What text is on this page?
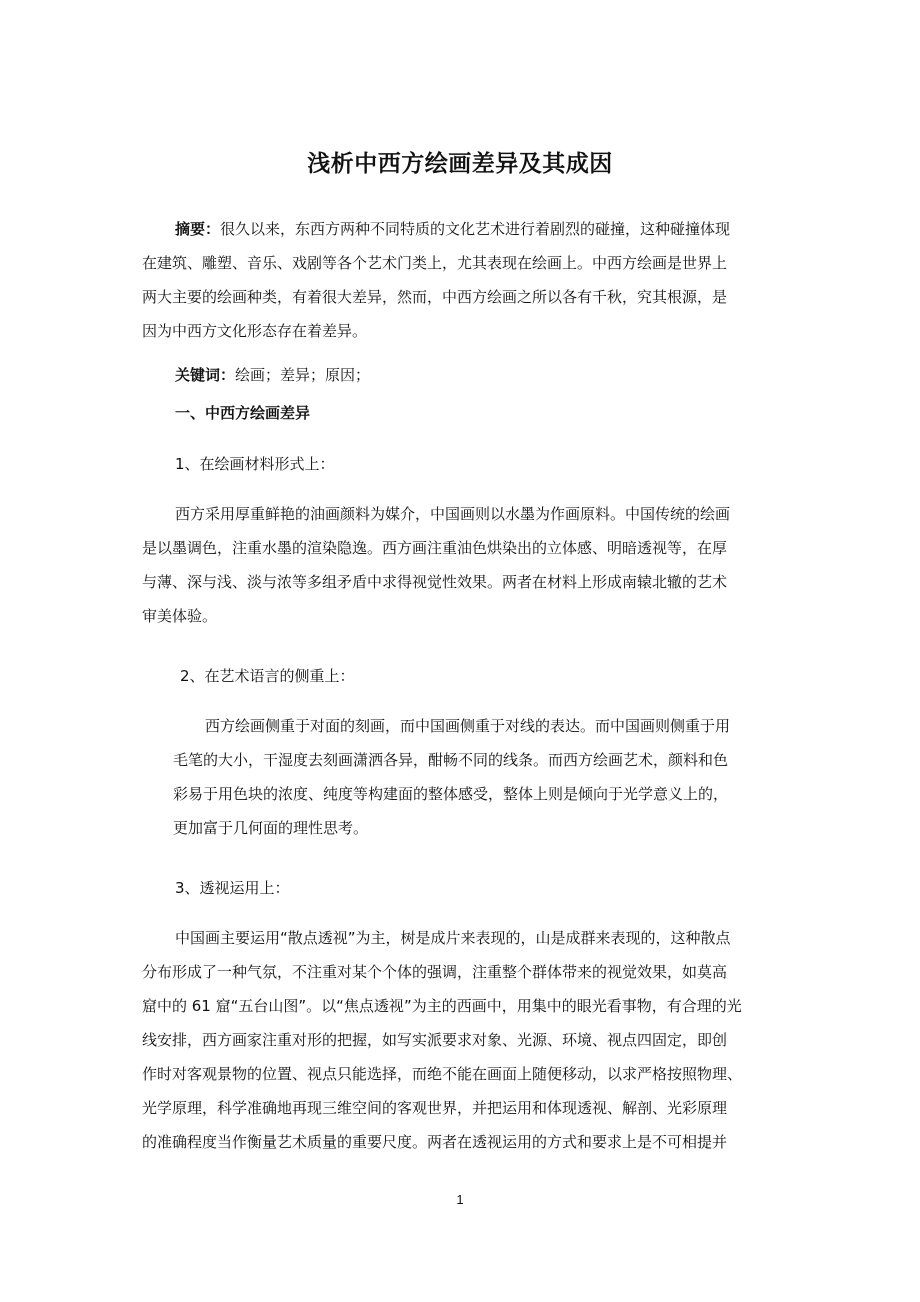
浅析中西方绘画差异及其成因
摘要：很久以来，东西方两种不同特质的文化艺术进行着剧烈的碰撞，这种碰撞体现
在建筑、雕塑、音乐、戏剧等各个艺术门类上，尤其表现在绘画上。中西方绘画是世界上
两大主要的绘画种类，有着很大差异，然而，中西方绘画之所以各有千秋，究其根源，是
因为中西方文化形态存在着差异。
关键词：绘画；差异；原因；
一、中西方绘画差异
1、在绘画材料形式上：
西方采用厚重鲜艳的油画颜料为媒介，中国画则以水墨为作画原料。中国传统的绘画
是以墨调色，注重水墨的渲染隐逸。西方画注重油色烘染出的立体感、明暗透视等，在厚
与薄、深与浅、淡与浓等多组矛盾中求得视觉性效果。两者在材料上形成南辕北辙的艺术
审美体验。
2、在艺术语言的侧重上：
西方绘画侧重于对面的刻画，而中国画侧重于对线的表达。而中国画则侧重于用
毛笔的大小，干湿度去刻画潇洒各异，酣畅不同的线条。而西方绘画艺术，颜料和色
彩易于用色块的浓度、纯度等构建面的整体感受，整体上则是倾向于光学意义上的，
更加富于几何面的理性思考。
3、透视运用上：
中国画主要运用“散点透视”为主，树是成片来表现的，山是成群来表现的，这种散点
分布形成了一种气氛，不注重对某个个体的强调，注重整个群体带来的视觉效果，如莫高
窟中的 61 窟“五台山图”。以“焦点透视”为主的西画中，用集中的眼光看事物，有合理的光
线安排，西方画家注重对形的把握，如写实派要求对象、光源、环境、视点四固定，即创
作时对客观景物的位置、视点只能选择，而绝不能在画面上随便移动，以求严格按照物理、
光学原理，科学准确地再现三维空间的客观世界，并把运用和体现透视、解剖、光彩原理
的准确程度当作衡量艺术质量的重要尺度。两者在透视运用的方式和要求上是不可相提并
1
